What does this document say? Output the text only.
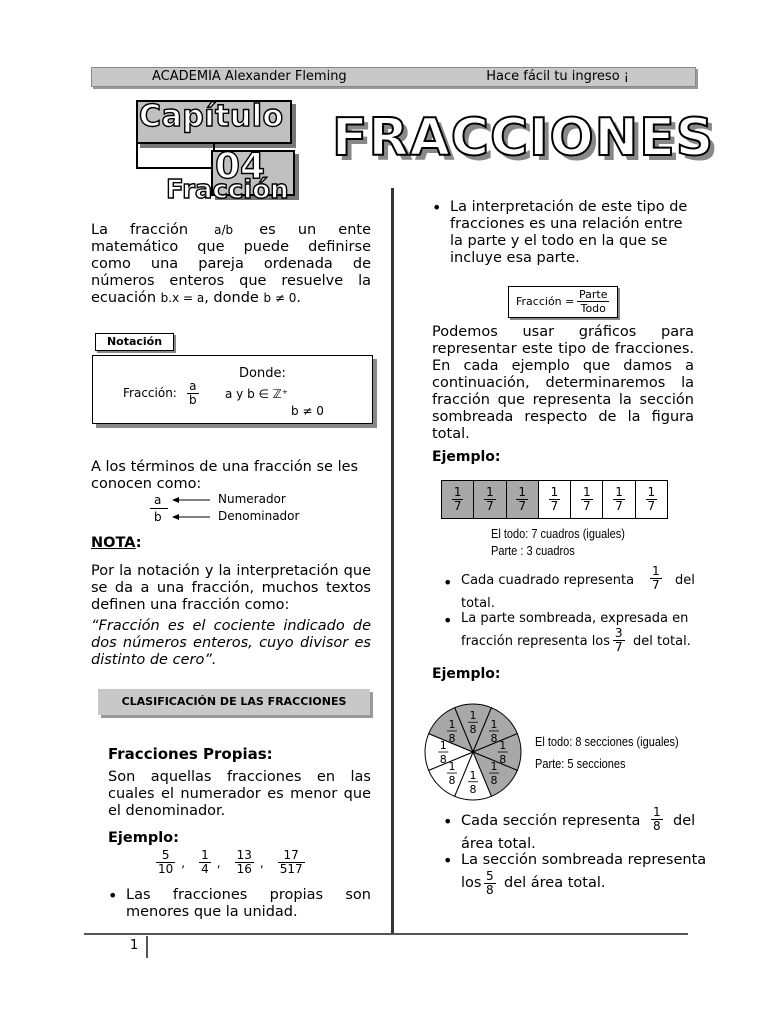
ACADEMIA Alexander Fleming	Hace fácil tu ingreso ¡
Capítulo
04
Fracción
FRACCIONES
La fracción a/b es un ente matemático que puede definirse como una pareja ordenada de números enteros que resuelve la ecuación b.x = a, donde b ≠ 0.
Notación
Donde:
Fracción: $\frac{a}{b}$ a y b ∈ ℤ⁺
b ≠ 0
A los términos de una fracción se les conocen como:
a
b
Numerador
Denominador
NOTA:
Por la notación y la interpretación que se da a una fracción, muchos textos definen una fracción como:
“Fracción es el cociente indicado de dos números enteros, cuyo divisor es distinto de cero”.
CLASIFICACIÓN DE LAS FRACCIONES
Fracciones Propias:
Son aquellas fracciones en las cuales el numerador es menor que el denominador.
Ejemplo:
$\frac{5}{10}$ , $\frac{1}{4}$ , $\frac{13}{16}$ , $\frac{17}{517}$
• Las fracciones propias son menores que la unidad.
• La interpretación de este tipo de fracciones es una relación entre la parte y el todo en la que se incluye esa parte.
Fracción =
Parte
Todo
Podemos usar gráficos para representar este tipo de fracciones. En cada ejemplo que damos a continuación, determinaremos la fracción que representa la sección sombreada respecto de la figura total.
Ejemplo:
$\frac{1}{7} \frac{1}{7} \frac{1}{7} \frac{1}{7} \frac{1}{7} \frac{1}{7} \frac{1}{7}$
El todo: 7 cuadros (iguales)
Parte : 3 cuadros
• Cada cuadrado representa $\frac{1}{7}$ del
total.
• La parte sombreada, expresada en
fracción representa los $\frac{3}{7}$ del total.
Ejemplo:
1
8 1
8
1
8
1
8
1
8
1
8
1
8
1
8	El todo: 8 secciones (iguales)
Parte: 5 secciones
• Cada sección representa $\frac{1}{8}$ del
área total.
• La sección sombreada representa
los $\frac{5}{8}$ del área total.
1
